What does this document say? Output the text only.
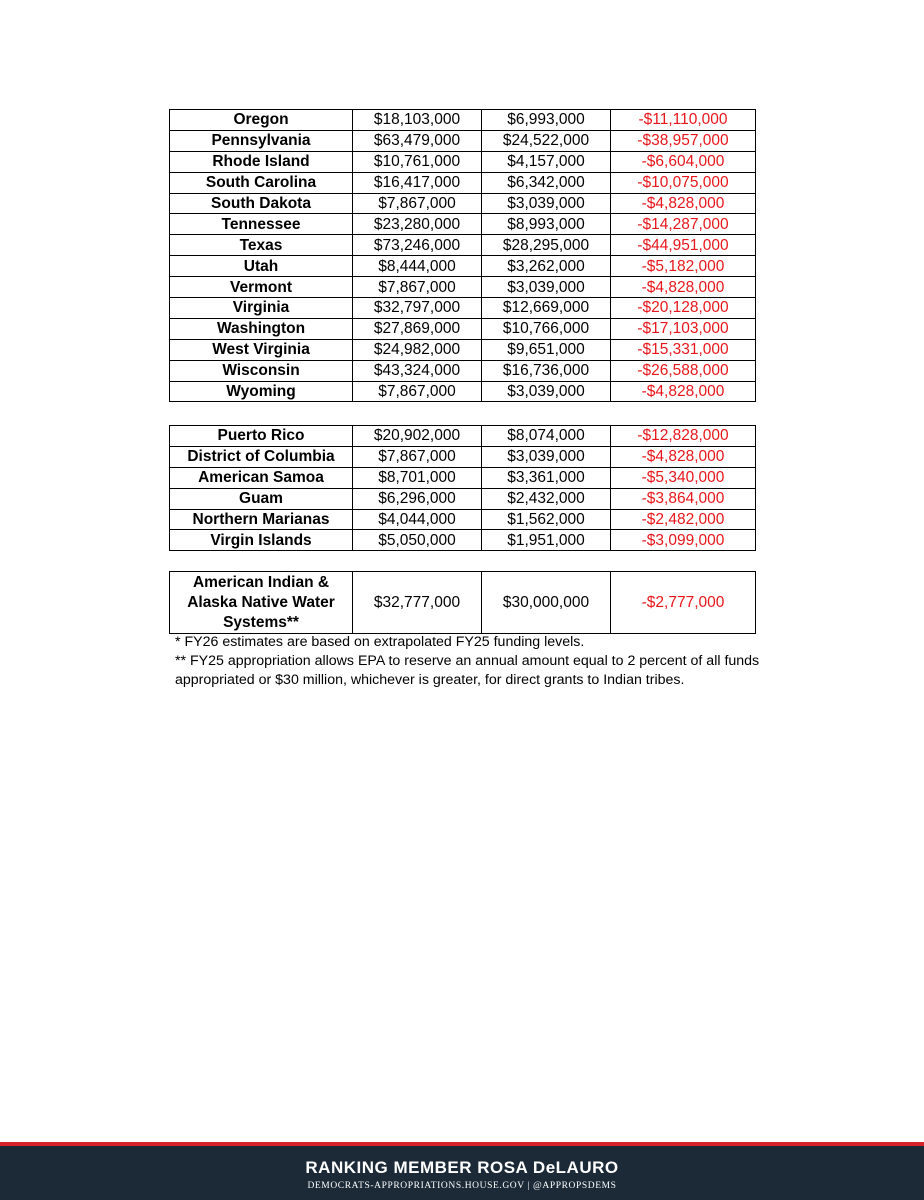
Oregon	$18,103,000	$6,993,000	-$11,110,000
Pennsylvania	$63,479,000	$24,522,000	-$38,957,000
Rhode Island	$10,761,000	$4,157,000	-$6,604,000
South Carolina	$16,417,000	$6,342,000	-$10,075,000
South Dakota	$7,867,000	$3,039,000	-$4,828,000
Tennessee	$23,280,000	$8,993,000	-$14,287,000
Texas	$73,246,000	$28,295,000	-$44,951,000
Utah	$8,444,000	$3,262,000	-$5,182,000
Vermont	$7,867,000	$3,039,000	-$4,828,000
Virginia	$32,797,000	$12,669,000	-$20,128,000
Washington	$27,869,000	$10,766,000	-$17,103,000
West Virginia	$24,982,000	$9,651,000	-$15,331,000
Wisconsin	$43,324,000	$16,736,000	-$26,588,000
Wyoming	$7,867,000	$3,039,000	-$4,828,000
Puerto Rico	$20,902,000	$8,074,000	-$12,828,000
District of Columbia	$7,867,000	$3,039,000	-$4,828,000
American Samoa	$8,701,000	$3,361,000	-$5,340,000
Guam	$6,296,000	$2,432,000	-$3,864,000
Northern Marianas	$4,044,000	$1,562,000	-$2,482,000
Virgin Islands	$5,050,000	$1,951,000	-$3,099,000
American Indian & Alaska Native Water Systems**	$32,777,000	$30,000,000	-$2,777,000

* FY26 estimates are based on extrapolated FY25 funding levels.

** FY25 appropriation allows EPA to reserve an annual amount equal to 2 percent of all funds appropriated or $30 million, whichever is greater, for direct grants to Indian tribes.

RANKING MEMBER ROSA DeLAURO
DEMOCRATS-APPROPRIATIONS.HOUSE.GOV | @APPROPSDEMS
